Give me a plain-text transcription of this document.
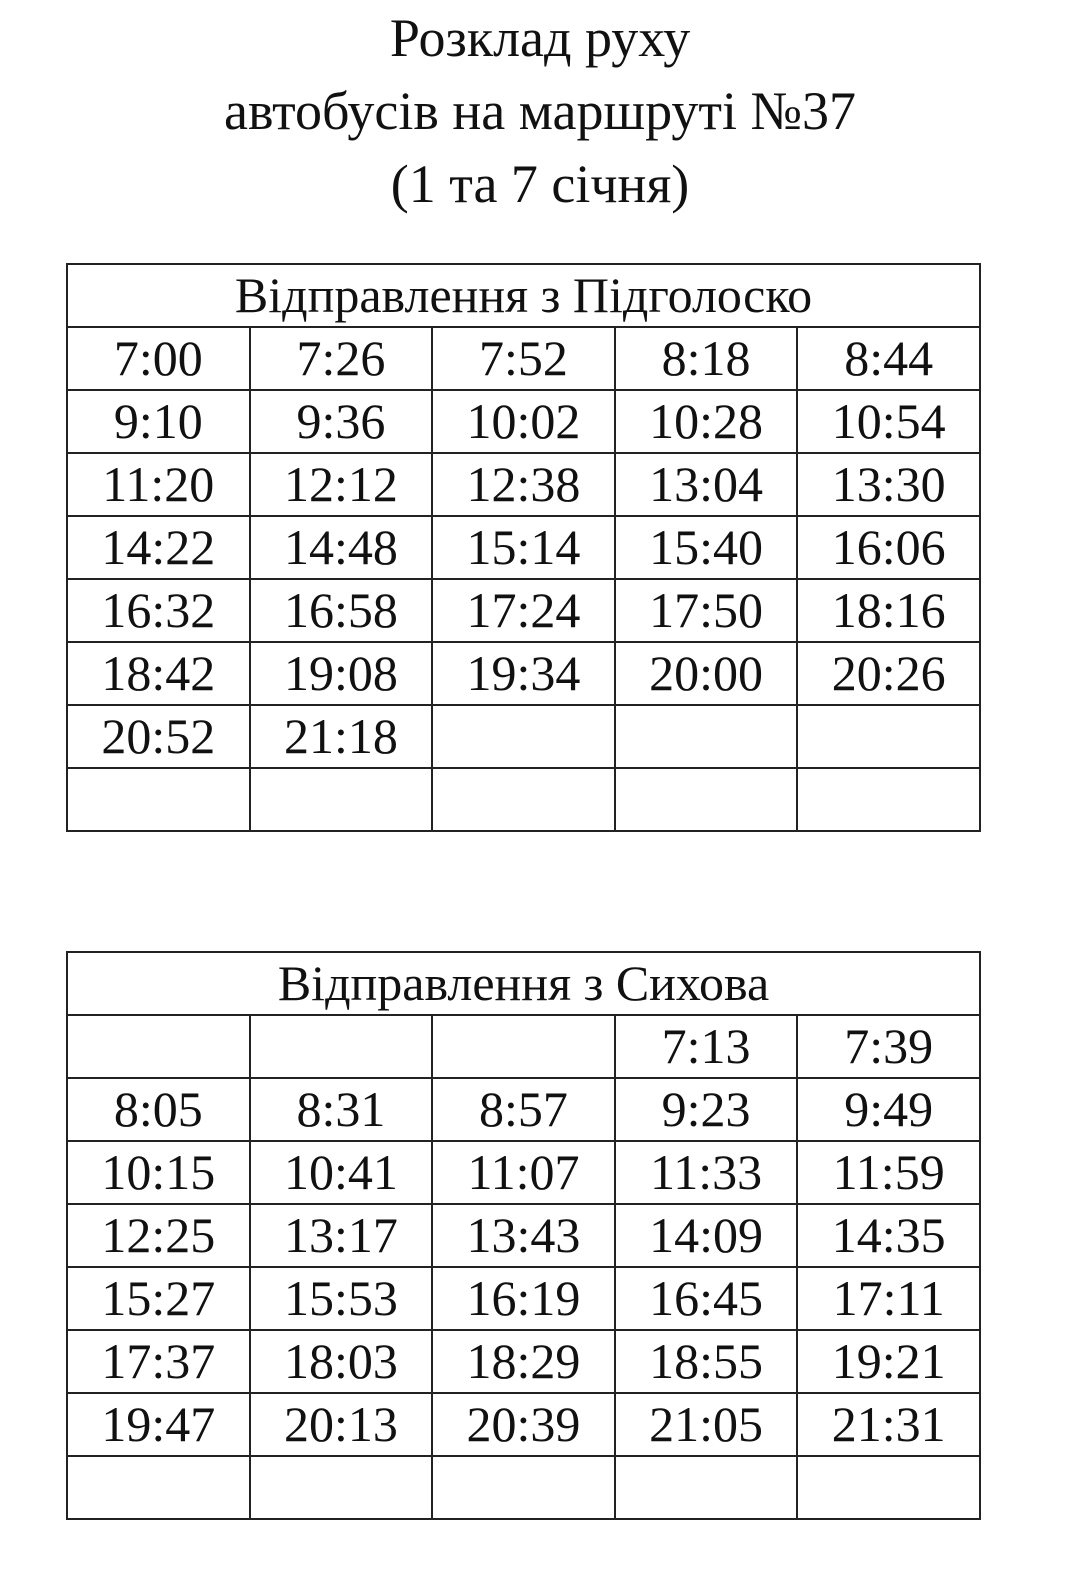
Розклад руху
автобусів на маршруті №37
(1 та 7 січня)
Відправлення з Підголоско				
7:00	7:26	7:52	8:18	8:44
9:10	9:36	10:02	10:28	10:54
11:20	12:12	12:38	13:04	13:30
14:22	14:48	15:14	15:40	16:06
16:32	16:58	17:24	17:50	18:16
18:42	19:08	19:34	20:00	20:26
20:52	21:18			

Відправлення з Сихова				
			7:13	7:39
8:05	8:31	8:57	9:23	9:49
10:15	10:41	11:07	11:33	11:59
12:25	13:17	13:43	14:09	14:35
15:27	15:53	16:19	16:45	17:11
17:37	18:03	18:29	18:55	19:21
19:47	20:13	20:39	21:05	21:31
